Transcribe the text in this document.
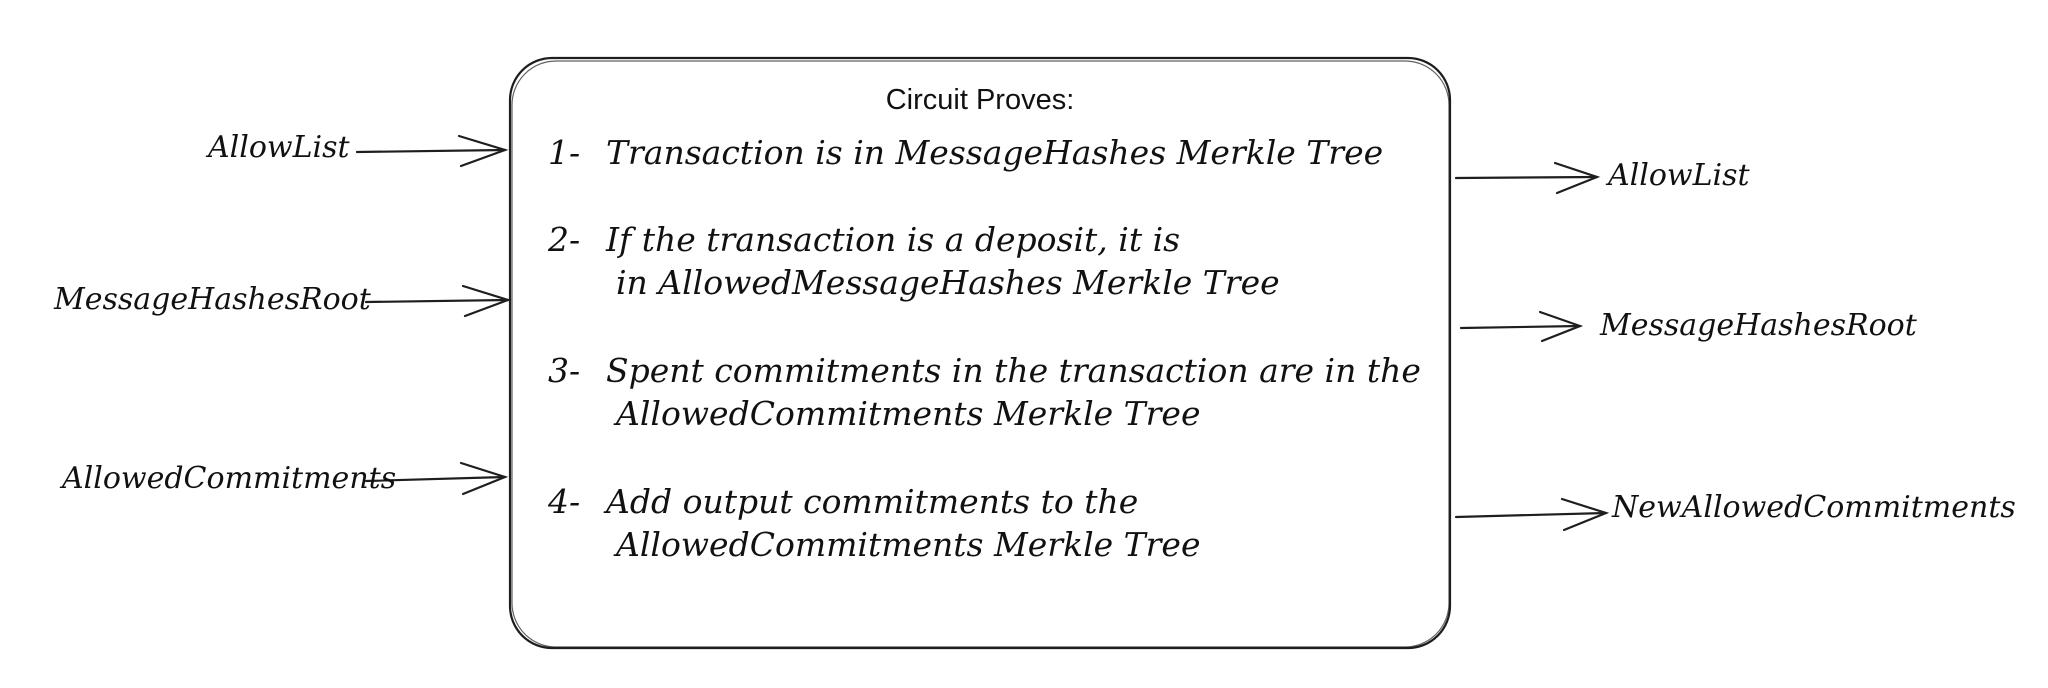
AllowList
MessageHashesRoot
AllowedCommitments
AllowList
MessageHashesRoot
NewAllowedCommitments
Circuit Proves:
1- Transaction is in MessageHashes Merkle Tree
2- If the transaction is a deposit, it is
in AllowedMessageHashes Merkle Tree
3- Spent commitments in the transaction are in the
AllowedCommitments Merkle Tree
4- Add output commitments to the
AllowedCommitments Merkle Tree
